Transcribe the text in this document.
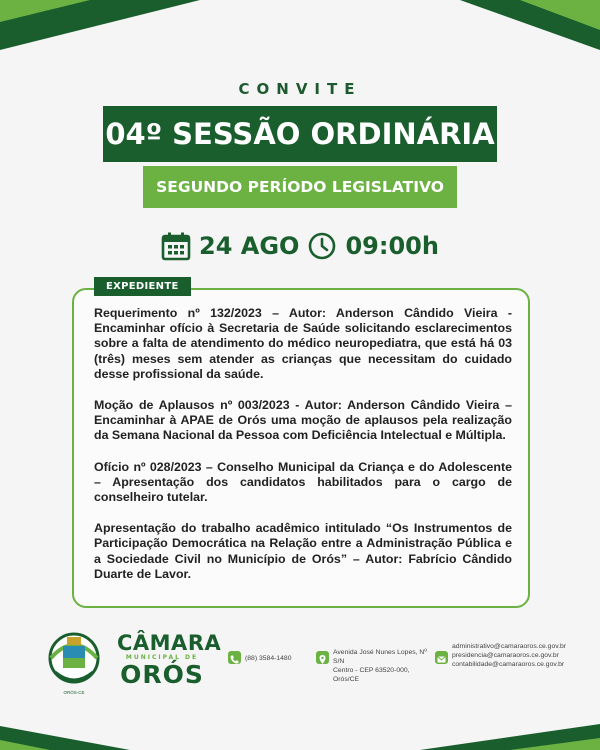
CONVITE
04º SESSÃO ORDINÁRIA
SEGUNDO PERÍODO LEGISLATIVO
24 AGO 09:00h
EXPEDIENTE

Requerimento nº 132/2023 – Autor: Anderson Cândido Vieira - Encaminhar ofício à Secretaria de Saúde solicitando esclarecimentos sobre a falta de atendimento do médico neuropediatra, que está há 03 (três) meses sem atender as crianças que necessitam do cuidado desse profissional da saúde.

Moção de Aplausos nº 003/2023 - Autor: Anderson Cândido Vieira – Encaminhar à APAE de Orós uma moção de aplausos pela realização da Semana Nacional da Pessoa com Deficiência Intelectual e Múltipla.

Ofício nº 028/2023 – Conselho Municipal da Criança e do Adolescente – Apresentação dos candidatos habilitados para o cargo de conselheiro tutelar.

Apresentação do trabalho acadêmico intitulado “Os Instrumentos de Participação Democrática na Relação entre a Administração Pública e a Sociedade Civil no Município de Orós” – Autor: Fabrício Cândido Duarte de Lavor.

ORÓS-CE
CÂMARA
MUNICIPAL DE
ORÓS
(88) 3584-1480
Avenida José Nunes Lopes, Nº S/N
Centro - CEP 63520-000, Orós/CE
administrativo@camaraoros.ce.gov.br
presidencia@camaraoros.ce.gov.br
contabilidade@camaraoros.ce.gov.br
